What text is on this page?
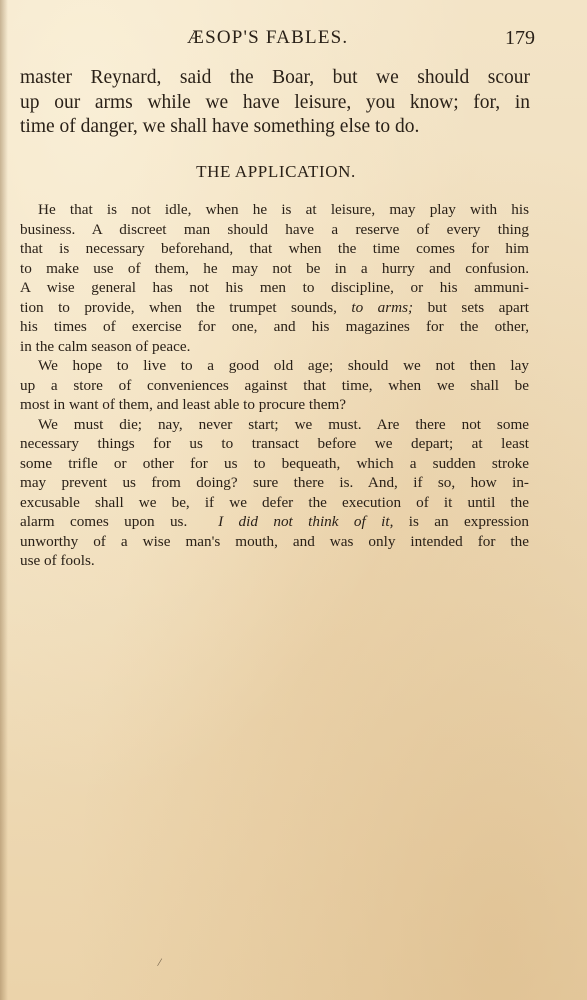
ÆSOP'S FABLES.	179
master Reynard, said the Boar, but we should scour
up our arms while we have leisure, you know; for, in
time of danger, we shall have something else to do.
THE APPLICATION.
He that is not idle, when he is at leisure, may play with his
business. A discreet man should have a reserve of every thing
that is necessary beforehand, that when the time comes for him
to make use of them, he may not be in a hurry and confusion.
A wise general has not his men to discipline, or his ammuni-
tion to provide, when the trumpet sounds, to arms; but sets apart
his times of exercise for one, and his magazines for the other,
in the calm season of peace.
We hope to live to a good old age; should we not then lay
up a store of conveniences against that time, when we shall be
most in want of them, and least able to procure them?
We must die; nay, never start; we must. Are there not some
necessary things for us to transact before we depart; at least
some trifle or other for us to bequeath, which a sudden stroke
may prevent us from doing? sure there is. And, if so, how in-
excusable shall we be, if we defer the execution of it until the
alarm comes upon us. I did not think of it, is an expression
unworthy of a wise man's mouth, and was only intended for the
use of fools.
/
